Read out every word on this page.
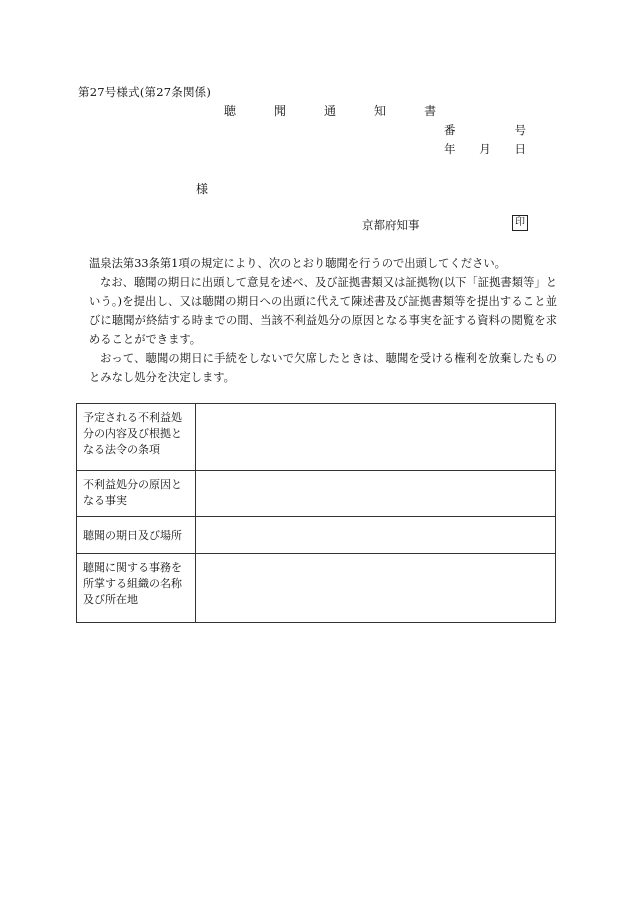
第27号様式(第27条関係)
聴	聞	通	知	書
番	号
年 月 日
様
京都府知事	印

温泉法第33条第1項の規定により、次のとおり聴聞を行うので出頭してください。

なお、聴聞の期日に出頭して意見を述べ、及び証拠書類又は証拠物(以下「証拠書類等」という。)を提出し、又は聴聞の期日への出頭に代えて陳述書及び証拠書類等を提出すること並びに聴聞が終結する時までの間、当該不利益処分の原因となる事実を証する資料の閲覧を求めることができます。

おって、聴聞の期日に手続をしないで欠席したときは、聴聞を受ける権利を放棄したものとみなし処分を決定します。

予定される不利益処分の内容及び根拠となる法令の条項	
不利益処分の原因となる事実	
聴聞の期日及び場所	
聴聞に関する事務を所掌する組織の名称及び所在地	
